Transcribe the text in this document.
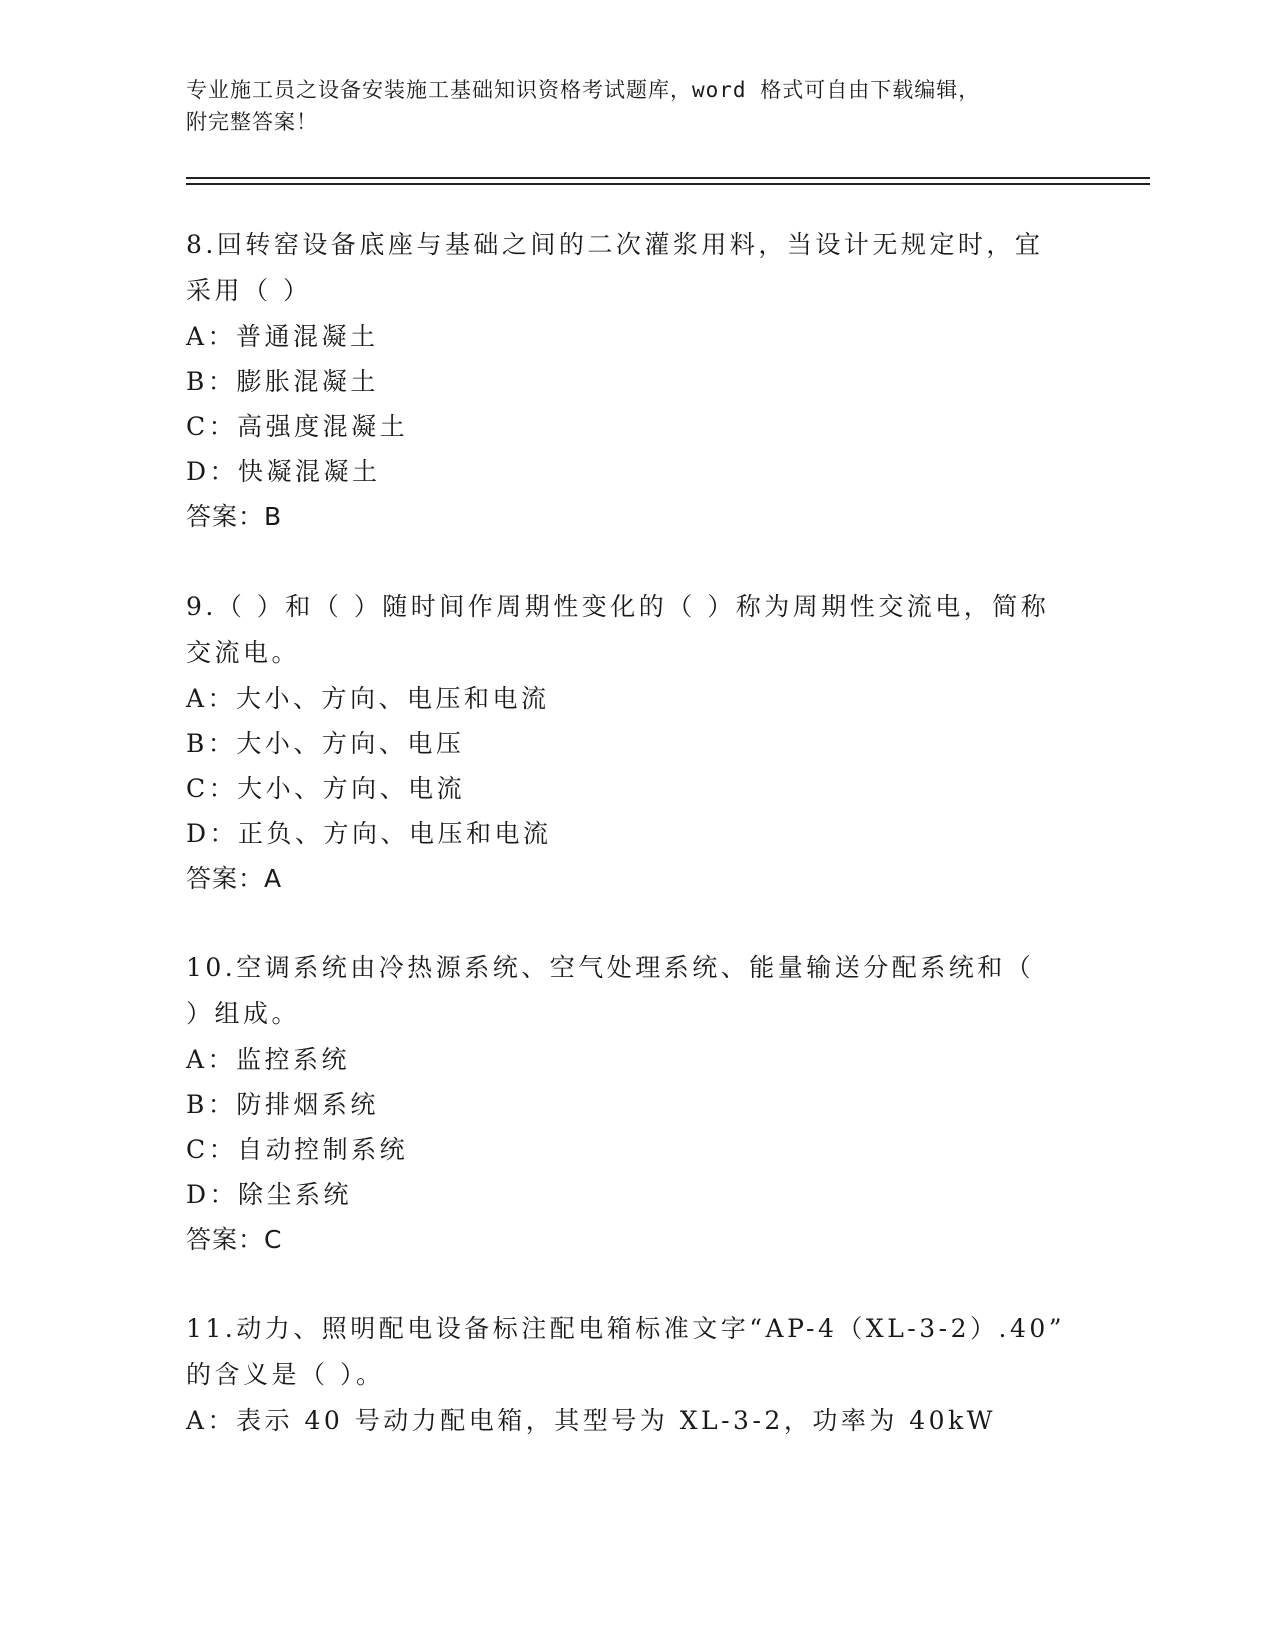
专业施工员之设备安装施工基础知识资格考试题库，word 格式可自由下载编辑，
附完整答案！
8.回转窑设备底座与基础之间的二次灌浆用料，当设计无规定时，宜
采用（ ）
A：普通混凝土
B：膨胀混凝土
C：高强度混凝土
D：快凝混凝土
答案：B
9.（ ）和（ ）随时间作周期性变化的（ ）称为周期性交流电，简称
交流电。
A：大小、方向、电压和电流
B：大小、方向、电压
C：大小、方向、电流
D：正负、方向、电压和电流
答案：A
10.空调系统由冷热源系统、空气处理系统、能量输送分配系统和（
）组成。
A：监控系统
B：防排烟系统
C：自动控制系统
D：除尘系统
答案：C
11.动力、照明配电设备标注配电箱标准文字“AP-4（XL-3-2）.40”
的含义是（ ）。
A：表示 40 号动力配电箱，其型号为 XL-3-2，功率为 40kW
